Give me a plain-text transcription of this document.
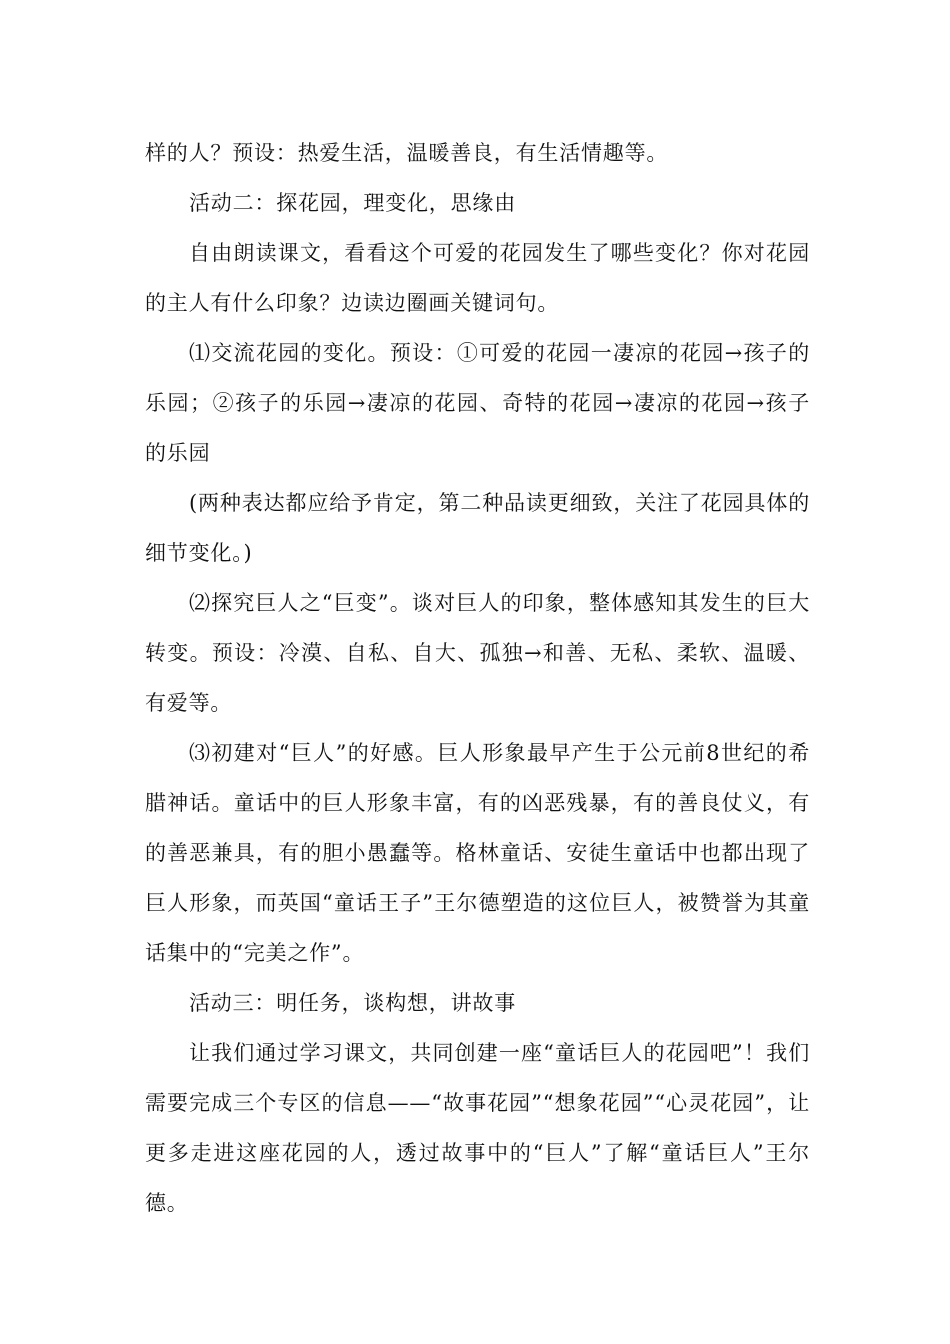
样的人？预设：热爱生活，温暖善良，有生活情趣等。

活动二：探花园，理变化，思缘由

自由朗读课文，看看这个可爱的花园发生了哪些变化？你对花园的主人有什么印象？边读边圈画关键词句。

⑴交流花园的变化。预设：①可爱的花园一凄凉的花园→孩子的乐园；②孩子的乐园→凄凉的花园、奇特的花园→凄凉的花园→孩子的乐园

(两种表达都应给予肯定，第二种品读更细致，关注了花园具体的细节变化。)

⑵探究巨人之“巨变”。谈对巨人的印象，整体感知其发生的巨大转变。预设：冷漠、自私、自大、孤独→和善、无私、柔软、温暖、有爱等。

⑶初建对“巨人”的好感。巨人形象最早产生于公元前8世纪的希腊神话。童话中的巨人形象丰富，有的凶恶残暴，有的善良仗义，有的善恶兼具，有的胆小愚蠢等。格林童话、安徒生童话中也都出现了巨人形象，而英国“童话王子”王尔德塑造的这位巨人，被赞誉为其童话集中的“完美之作”。

活动三：明任务，谈构想，讲故事

让我们通过学习课文，共同创建一座“童话巨人的花园吧”！我们需要完成三个专区的信息——“故事花园”“想象花园”“心灵花园”，让更多走进这座花园的人，透过故事中的“巨人”了解“童话巨人”王尔德。
